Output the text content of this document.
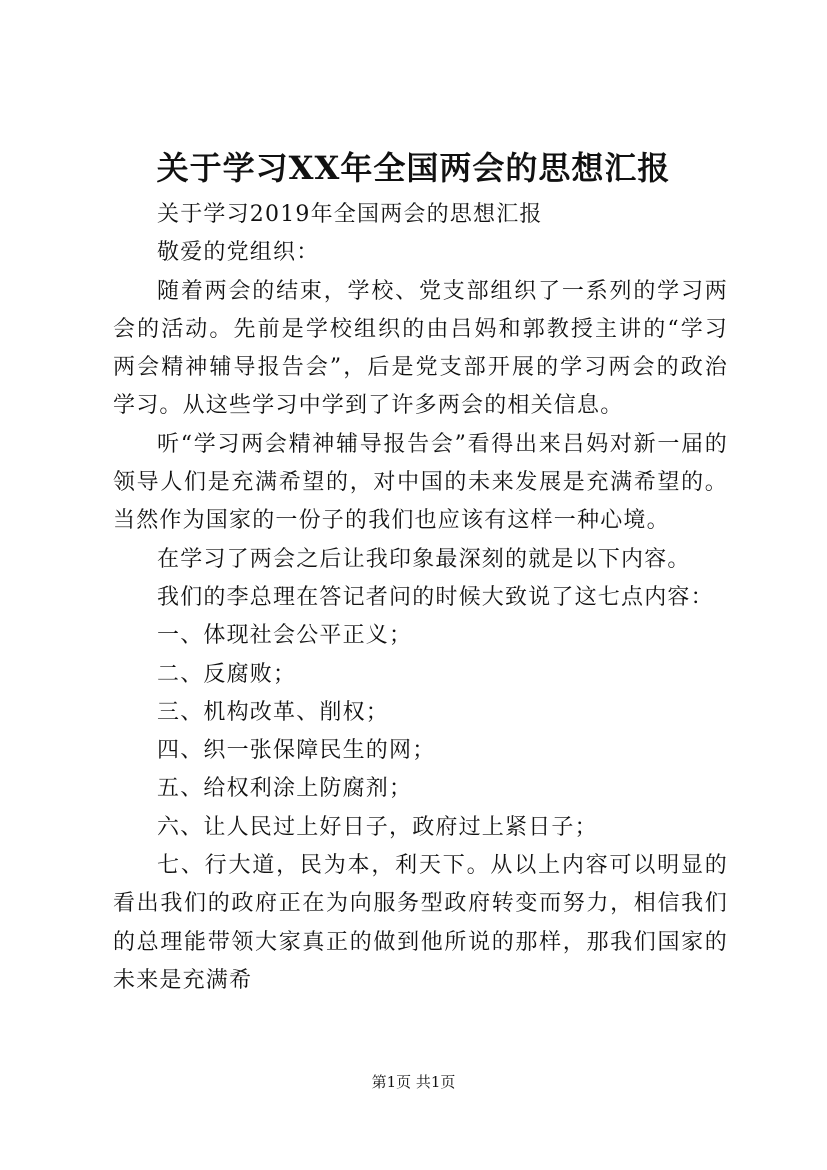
关于学习XX年全国两会的思想汇报

关于学习2019年全国两会的思想汇报

敬爱的党组织：

随着两会的结束，学校、党支部组织了一系列的学习两会的活动。先前是学校组织的由吕妈和郭教授主讲的“学习两会精神辅导报告会”，后是党支部开展的学习两会的政治学习。从这些学习中学到了许多两会的相关信息。

听“学习两会精神辅导报告会”看得出来吕妈对新一届的领导人们是充满希望的，对中国的未来发展是充满希望的。当然作为国家的一份子的我们也应该有这样一种心境。

在学习了两会之后让我印象最深刻的就是以下内容。

我们的李总理在答记者问的时候大致说了这七点内容：

一、体现社会公平正义；

二、反腐败；

三、机构改革、削权；

四、织一张保障民生的网；

五、给权利涂上防腐剂；

六、让人民过上好日子，政府过上紧日子；

七、行大道，民为本，利天下。从以上内容可以明显的看出我们的政府正在为向服务型政府转变而努力，相信我们的总理能带领大家真正的做到他所说的那样，那我们国家的未来是充满希

第1页 共1页
